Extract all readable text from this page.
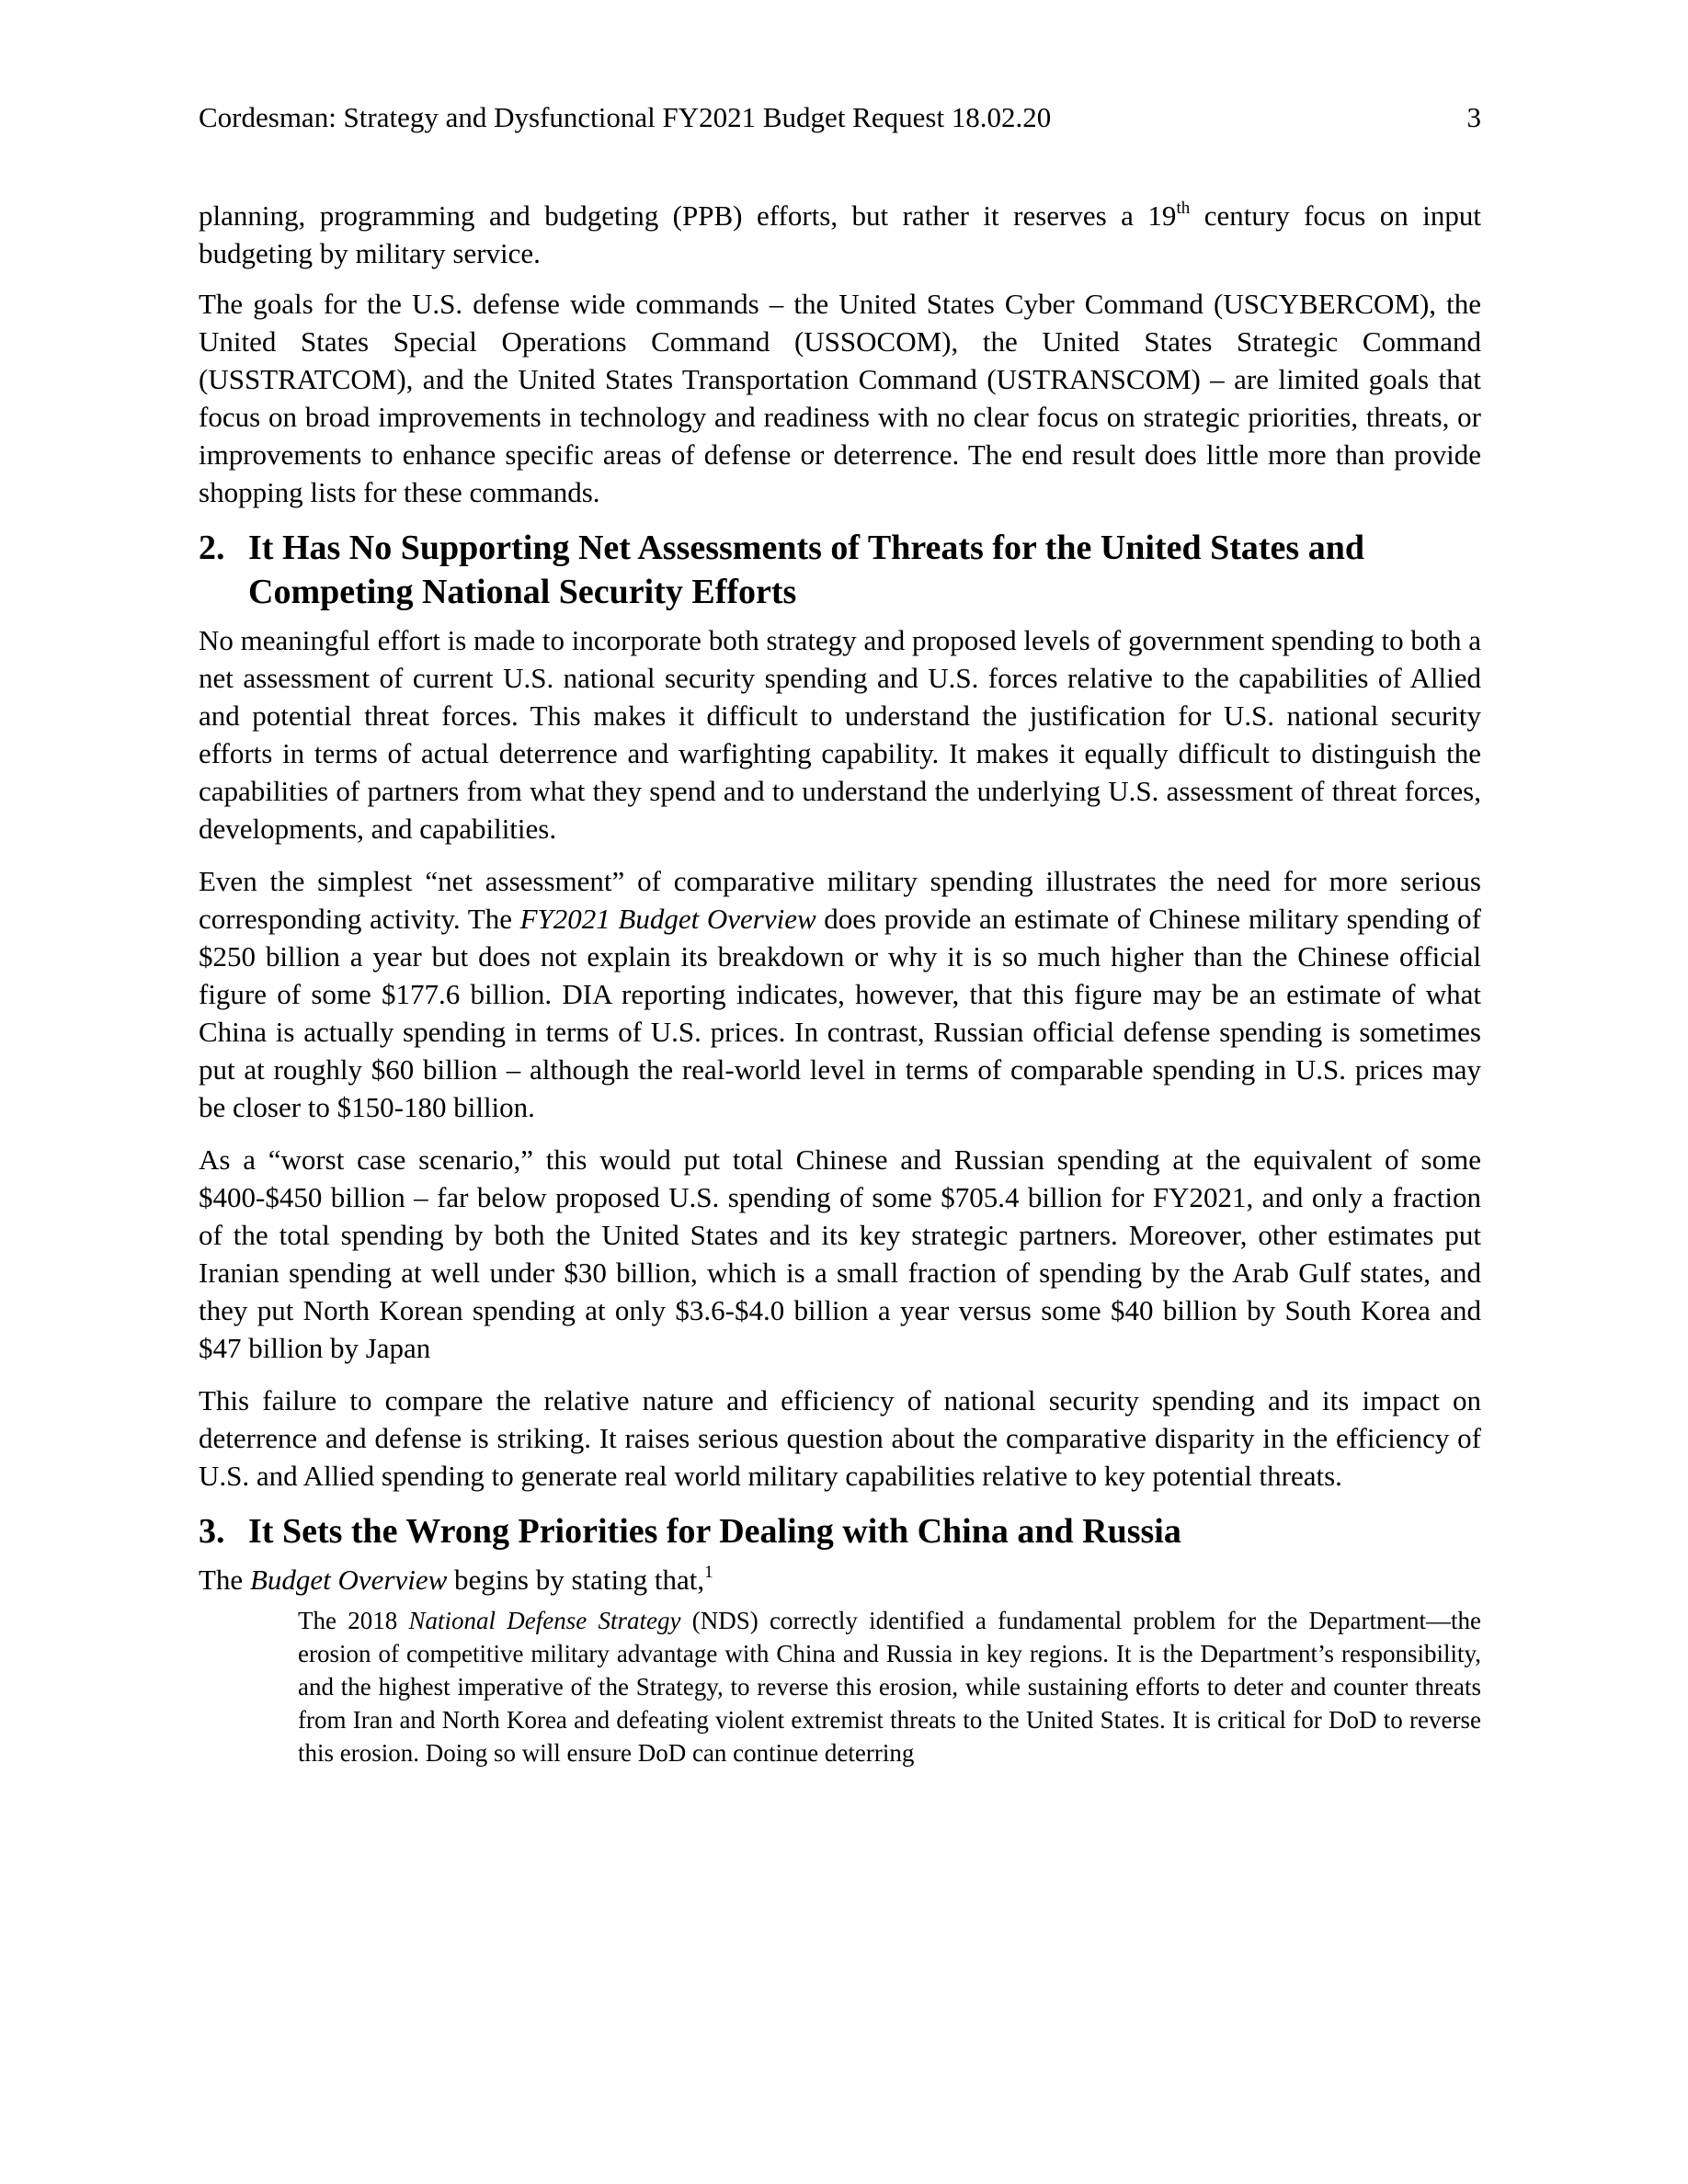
Cordesman: Strategy and Dysfunctional FY2021 Budget Request 18.02.20	3

planning, programming and budgeting (PPB) efforts, but rather it reserves a 19th century focus on input budgeting by military service.

The goals for the U.S. defense wide commands – the United States Cyber Command (USCYBERCOM), the United States Special Operations Command (USSOCOM), the United States Strategic Command (USSTRATCOM), and the United States Transportation Command (USTRANSCOM) – are limited goals that focus on broad improvements in technology and readiness with no clear focus on strategic priorities, threats, or improvements to enhance specific areas of defense or deterrence. The end result does little more than provide shopping lists for these commands.

2. It Has No Supporting Net Assessments of Threats for the United States and Competing National Security Efforts

No meaningful effort is made to incorporate both strategy and proposed levels of government spending to both a net assessment of current U.S. national security spending and U.S. forces relative to the capabilities of Allied and potential threat forces. This makes it difficult to understand the justification for U.S. national security efforts in terms of actual deterrence and warfighting capability. It makes it equally difficult to distinguish the capabilities of partners from what they spend and to understand the underlying U.S. assessment of threat forces, developments, and capabilities.

Even the simplest “net assessment” of comparative military spending illustrates the need for more serious corresponding activity. The FY2021 Budget Overview does provide an estimate of Chinese military spending of $250 billion a year but does not explain its breakdown or why it is so much higher than the Chinese official figure of some $177.6 billion. DIA reporting indicates, however, that this figure may be an estimate of what China is actually spending in terms of U.S. prices. In contrast, Russian official defense spending is sometimes put at roughly $60 billion – although the real-world level in terms of comparable spending in U.S. prices may be closer to $150-180 billion.

As a “worst case scenario,” this would put total Chinese and Russian spending at the equivalent of some $400-$450 billion – far below proposed U.S. spending of some $705.4 billion for FY2021, and only a fraction of the total spending by both the United States and its key strategic partners. Moreover, other estimates put Iranian spending at well under $30 billion, which is a small fraction of spending by the Arab Gulf states, and they put North Korean spending at only $3.6-$4.0 billion a year versus some $40 billion by South Korea and $47 billion by Japan

This failure to compare the relative nature and efficiency of national security spending and its impact on deterrence and defense is striking. It raises serious question about the comparative disparity in the efficiency of U.S. and Allied spending to generate real world military capabilities relative to key potential threats.

3. It Sets the Wrong Priorities for Dealing with China and Russia

The Budget Overview begins by stating that,$^1$

The 2018 National Defense Strategy (NDS) correctly identified a fundamental problem for the Department—the erosion of competitive military advantage with China and Russia in key regions. It is the Department’s responsibility, and the highest imperative of the Strategy, to reverse this erosion, while sustaining efforts to deter and counter threats from Iran and North Korea and defeating violent extremist threats to the United States. It is critical for DoD to reverse this erosion. Doing so will ensure DoD can continue deterring
